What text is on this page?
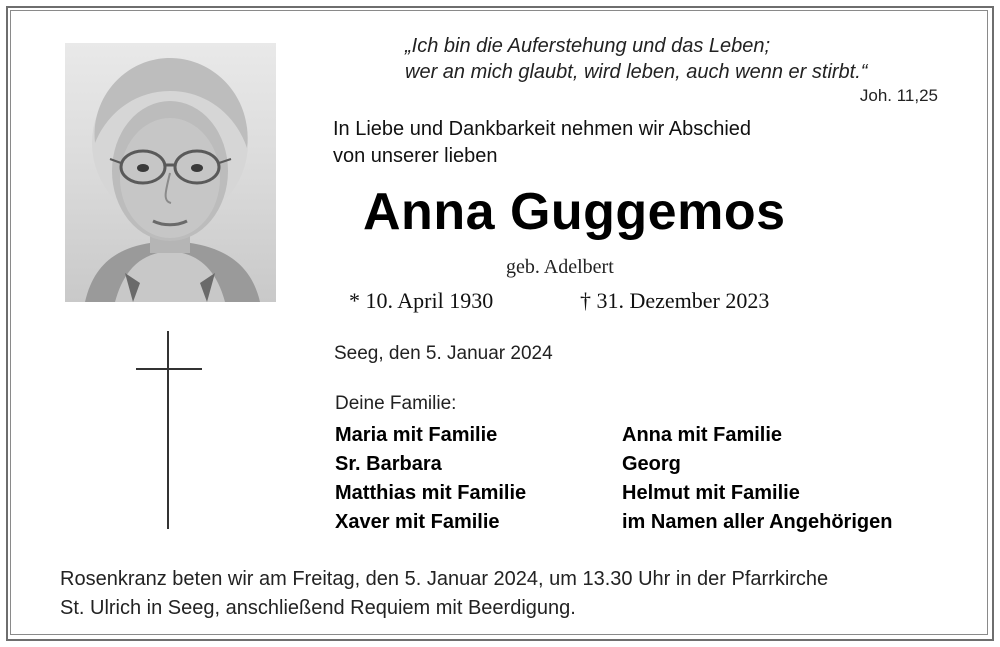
„Ich bin die Auferstehung und das Leben;
wer an mich glaubt, wird leben, auch wenn er stirbt.“
Joh. 11,25
In Liebe und Dankbarkeit nehmen wir Abschied
von unserer lieben
Anna Guggemos
geb. Adelbert
* 10. April 1930	† 31. Dezember 2023
Seeg, den 5. Januar 2024
Deine Familie:
Maria mit Familie
Sr. Barbara
Matthias mit Familie
Xaver mit Familie
Anna mit Familie
Georg
Helmut mit Familie
im Namen aller Angehörigen
Rosenkranz beten wir am Freitag, den 5. Januar 2024, um 13.30 Uhr in der Pfarrkirche
St. Ulrich in Seeg, anschließend Requiem mit Beerdigung.
